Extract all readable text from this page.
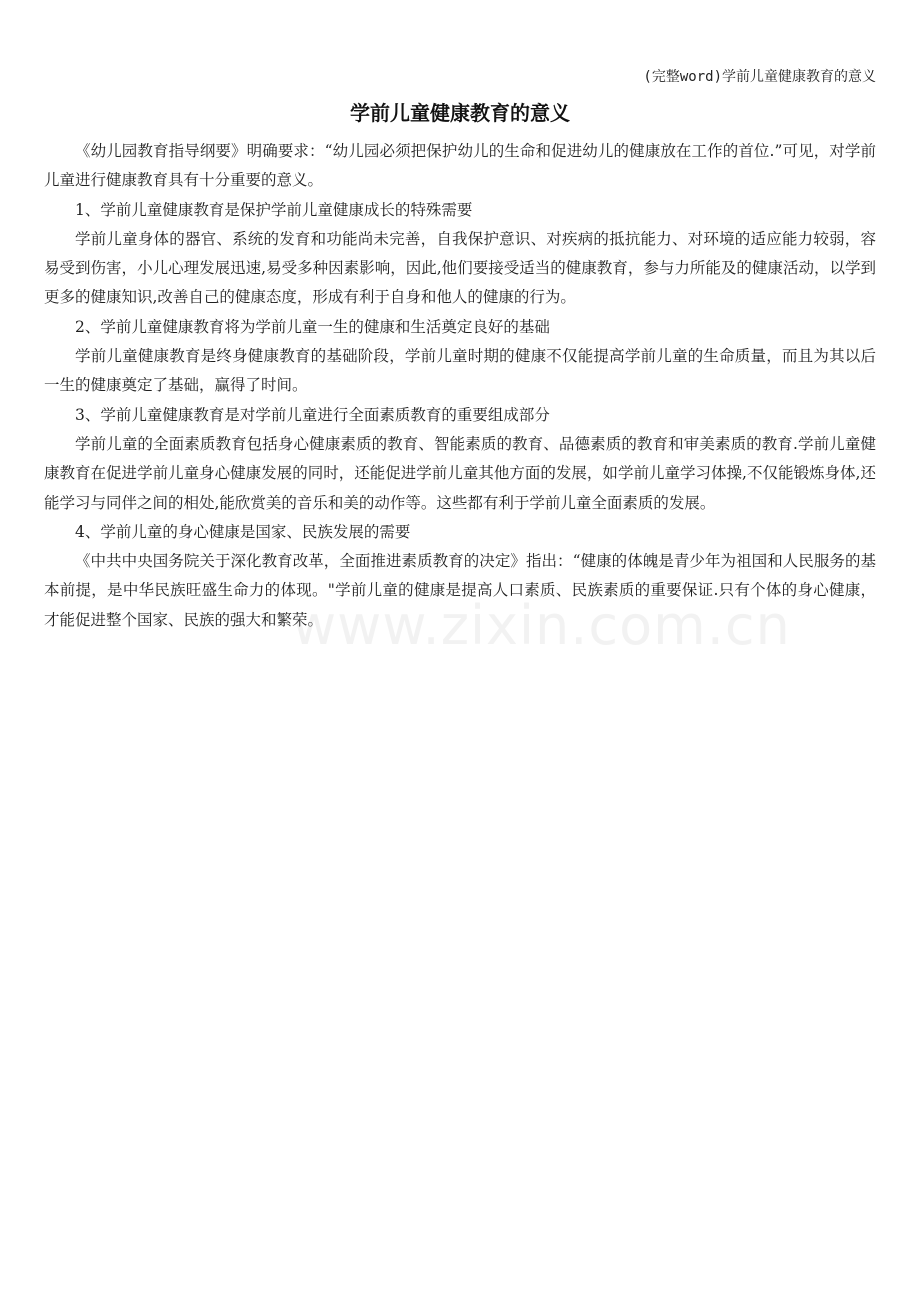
(完整word)学前儿童健康教育的意义
学前儿童健康教育的意义

《幼儿园教育指导纲要》明确要求：“幼儿园必须把保护幼儿的生命和促进幼儿的健康放在工作的首位.”可见，对学前儿童进行健康教育具有十分重要的意义。

1、学前儿童健康教育是保护学前儿童健康成长的特殊需要

学前儿童身体的器官、系统的发育和功能尚未完善，自我保护意识、对疾病的抵抗能力、对环境的适应能力较弱，容易受到伤害，小儿心理发展迅速,易受多种因素影响，因此,他们要接受适当的健康教育，参与力所能及的健康活动，以学到更多的健康知识,改善自己的健康态度，形成有利于自身和他人的健康的行为。

2、学前儿童健康教育将为学前儿童一生的健康和生活奠定良好的基础

学前儿童健康教育是终身健康教育的基础阶段，学前儿童时期的健康不仅能提高学前儿童的生命质量，而且为其以后一生的健康奠定了基础，赢得了时间。

3、学前儿童健康教育是对学前儿童进行全面素质教育的重要组成部分

学前儿童的全面素质教育包括身心健康素质的教育、智能素质的教育、品德素质的教育和审美素质的教育.学前儿童健康教育在促进学前儿童身心健康发展的同时，还能促进学前儿童其他方面的发展，如学前儿童学习体操,不仅能锻炼身体,还能学习与同伴之间的相处,能欣赏美的音乐和美的动作等。这些都有利于学前儿童全面素质的发展。

4、学前儿童的身心健康是国家、民族发展的需要

《中共中央国务院关于深化教育改革，全面推进素质教育的决定》指出：“健康的体魄是青少年为祖国和人民服务的基本前提，是中华民族旺盛生命力的体现。"学前儿童的健康是提高人口素质、民族素质的重要保证.只有个体的身心健康，才能促进整个国家、民族的强大和繁荣。

www.zixin.com.cn
